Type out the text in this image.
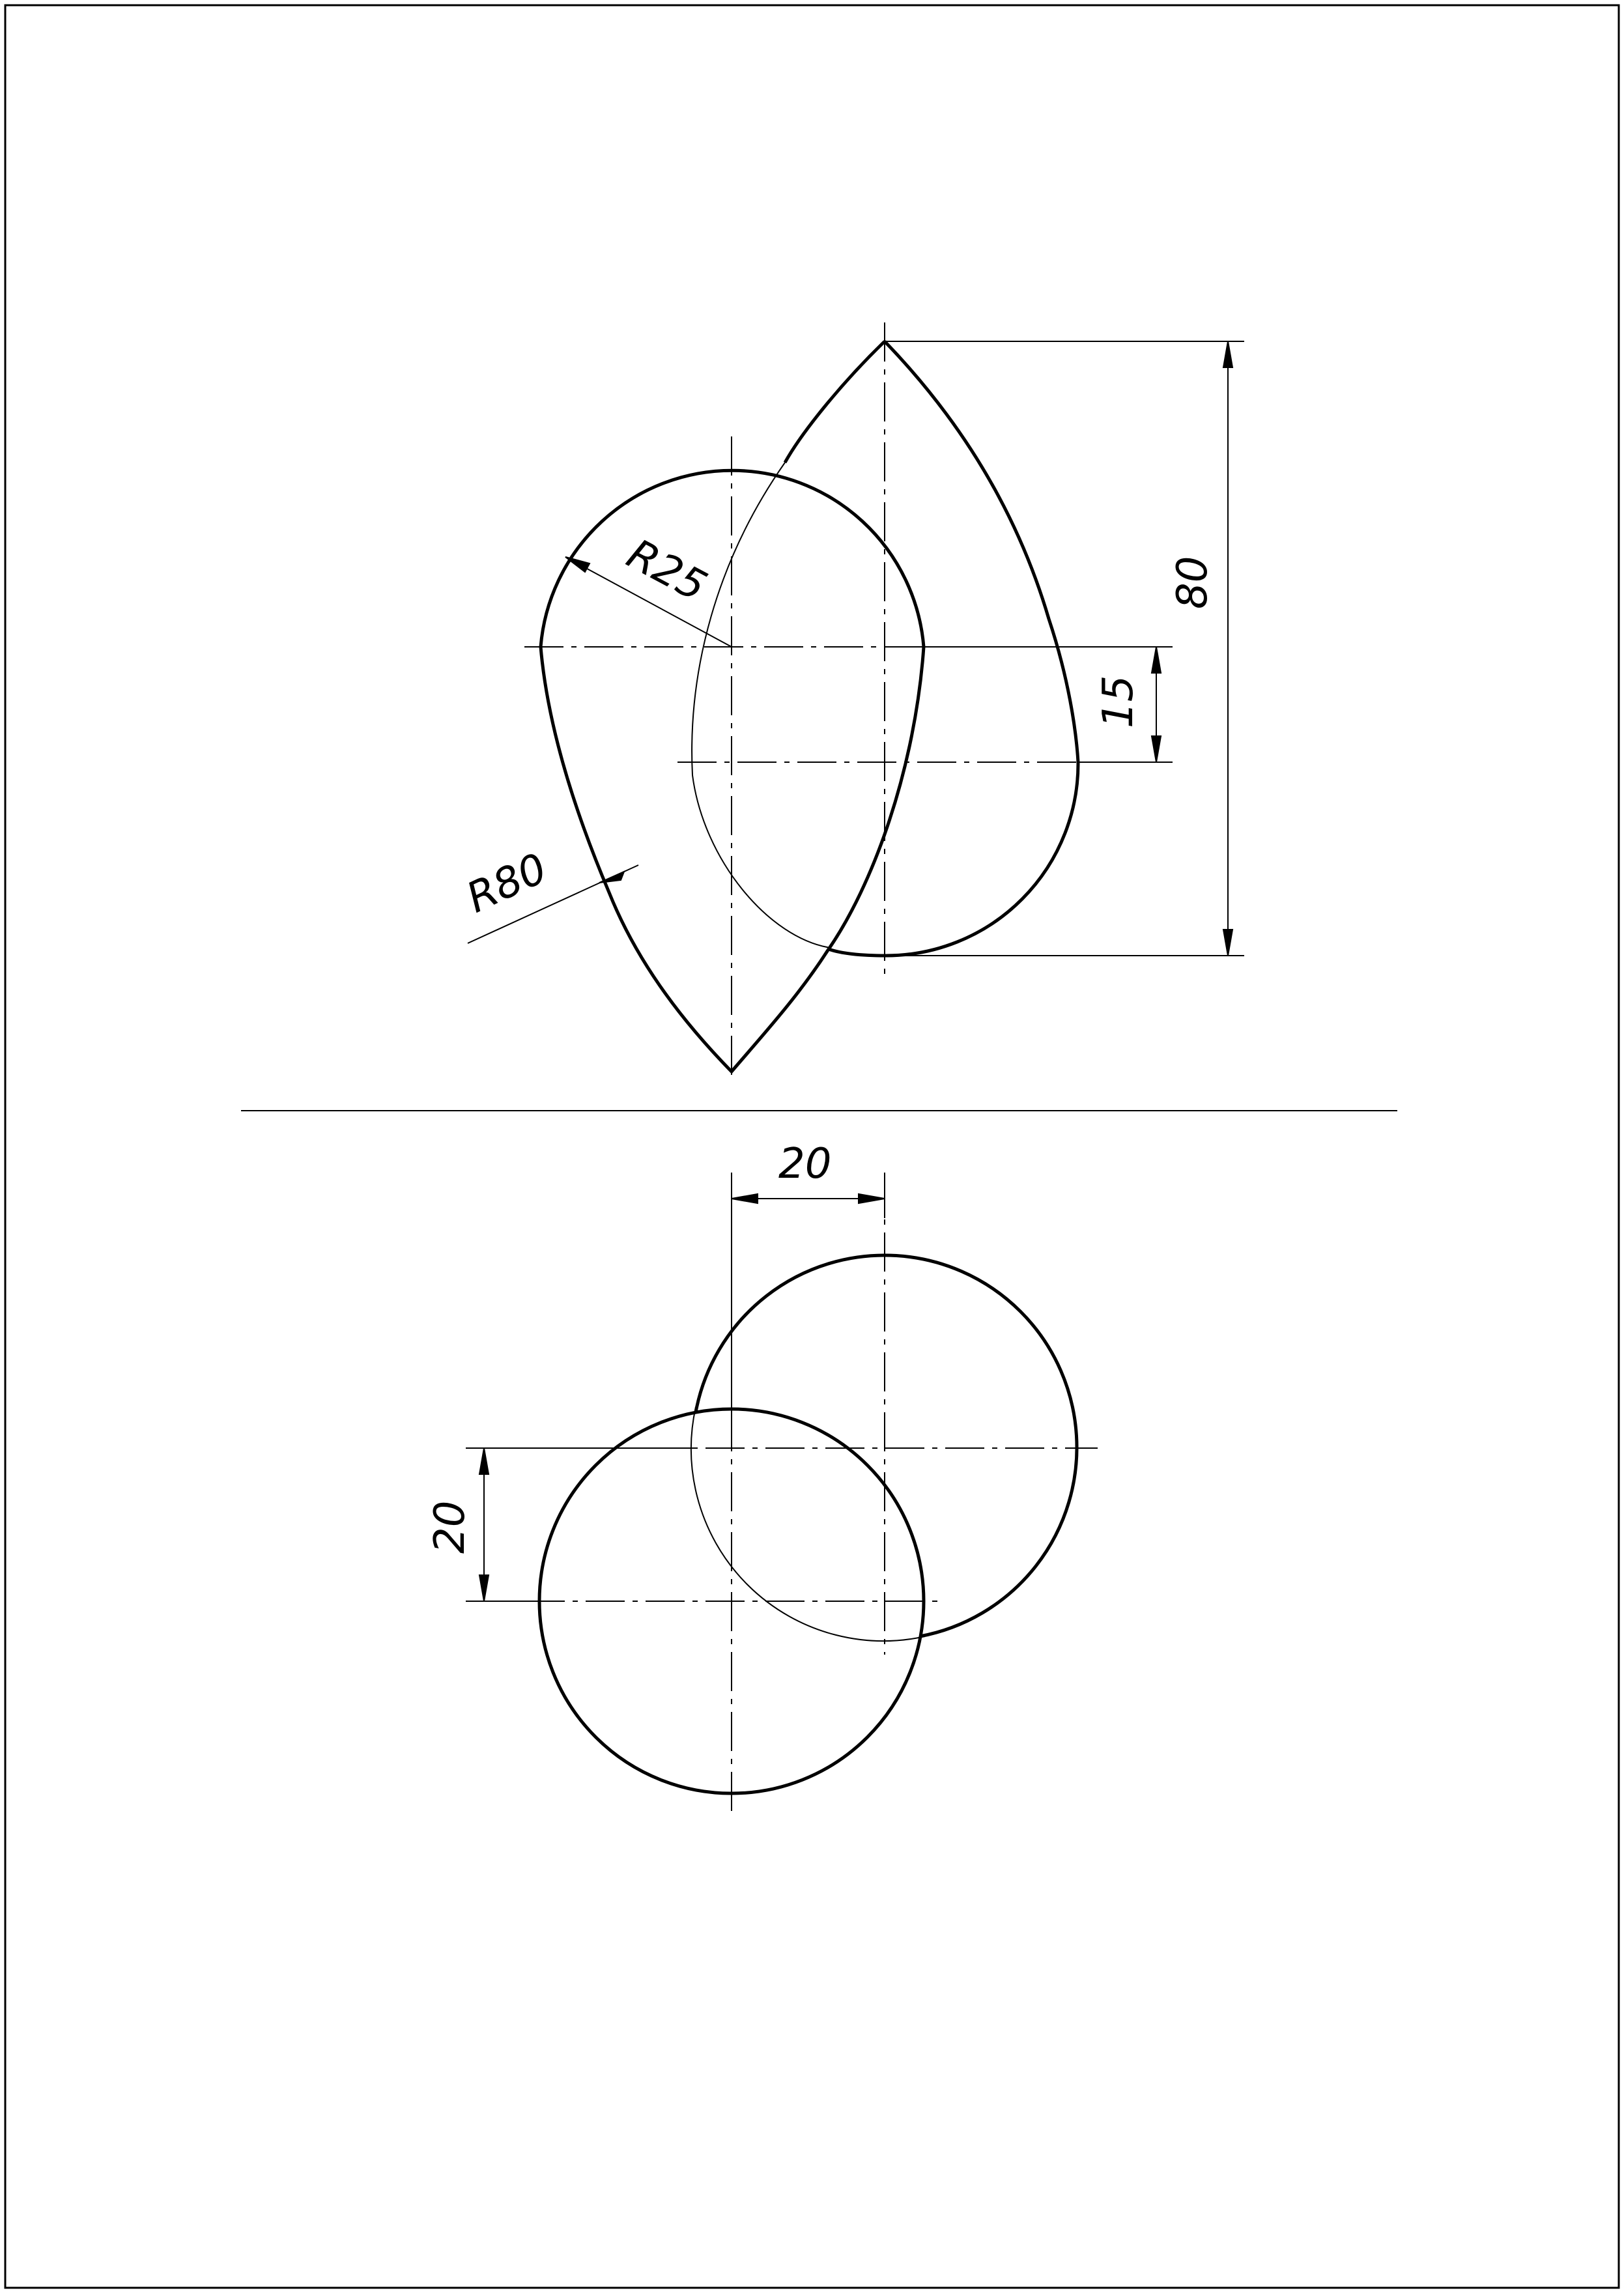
R25
R80
15
80
20
20
